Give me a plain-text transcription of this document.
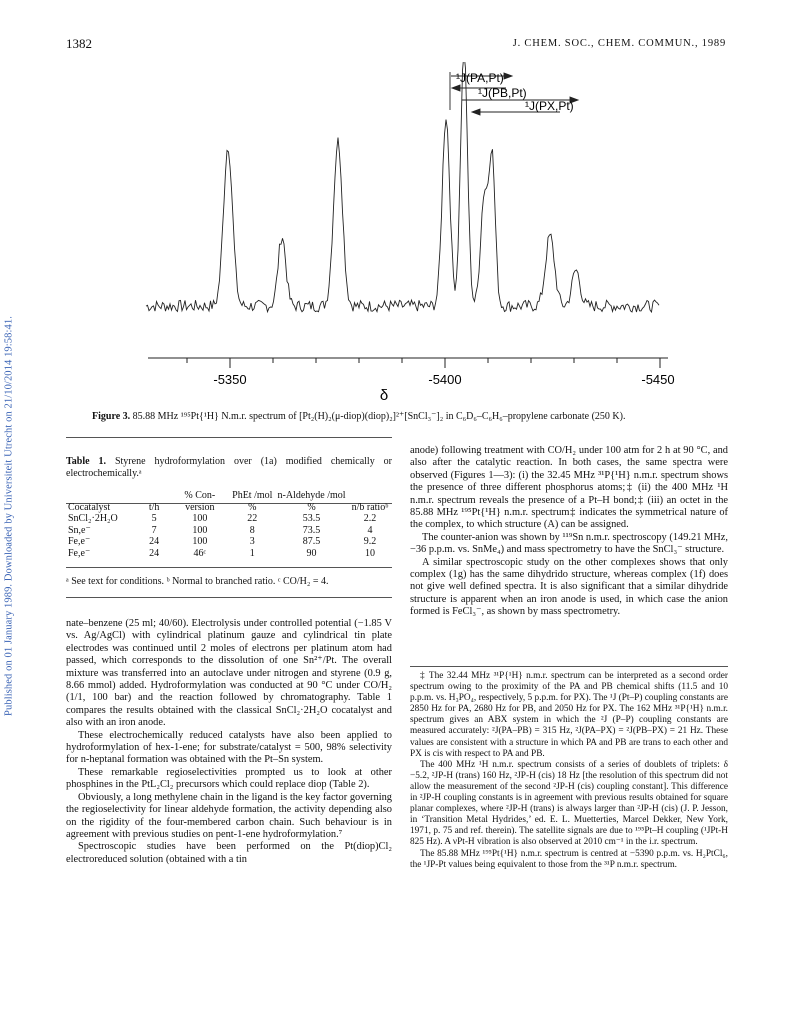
Published on 01 January 1989. Downloaded by Universiteit Utrecht on 21/10/2014 19:58:41.
1382	J. CHEM. SOC., CHEM. COMMUN., 1989
¹J(PA,Pt)
¹J(PB,Pt)
¹J(PX,Pt)
-5350	-5400	-5450
δ
Figure 3. 85.88 MHz ¹⁹⁵Pt{¹H} N.m.r. spectrum of [Pt₂(H)₂(μ-diop)(diop)₂]²⁺[SnCl₃⁻]₂ in C₆D₆–C₆H₆–propylene carbonate (250 K).
Table 1. Styrene hydroformylation over (1a) modified chemically or electrochemically.ᵃ
Cocatalyst	t/h	% Con- version	PhEt /mol %	n-Aldehyde /mol %	n/b ratioᵇ
SnCl₂·2H₂O	5	100	22	53.5	2.2
Sn,e⁻	7	100	8	73.5	4
Fe,e⁻	24	100	3	87.5	9.2
Fe,e⁻	24	46ᶜ	1	90	10
ᵃ See text for conditions. ᵇ Normal to branched ratio. ᶜ CO/H₂ = 4.

nate–benzene (25 ml; 40/60). Electrolysis under controlled potential (−1.85 V vs. Ag/AgCl) with cylindrical platinum gauze and cylindrical tin plate electrodes was continued until 2 moles of electrons per platinum atom had passed, which corresponds to the dissolution of one Sn²⁺/Pt. The overall mixture was transferred into an autoclave under nitrogen and styrene (0.9 g, 8.66 mmol) added. Hydroformylation was conducted at 90 °C under CO/H₂ (1/1, 100 bar) and the reaction followed by chromatography. Table 1 compares the results obtained with the classical SnCl₂·2H₂O cocatalyst and also with an iron anode.

These electrochemically reduced catalysts have also been applied to hydroformylation of hex-1-ene; for substrate/catalyst = 500, 98% selectivity for n-heptanal formation was obtained with the Pt–Sn system.

These remarkable regioselectivities prompted us to look at other phosphines in the PtL₂Cl₂ precursors which could replace diop (Table 2).

Obviously, a long methylene chain in the ligand is the key factor governing the regioselectivity for linear aldehyde formation, the activity depending also on the rigidity of the four-membered carbon chain. Such behaviour is in agreement with previous studies on pent-1-ene hydroformylation.⁷

Spectroscopic studies have been performed on the Pt(diop)Cl₂ electroreduced solution (obtained with a tin

anode) following treatment with CO/H₂ under 100 atm for 2 h at 90 °C, and also after the catalytic reaction. In both cases, the same spectra were observed (Figures 1—3): (i) the 32.45 MHz ³¹P{¹H} n.m.r. spectrum shows the presence of three different phosphorus atoms;‡ (ii) the 400 MHz ¹H n.m.r. spectrum reveals the presence of a Pt–H bond;‡ (iii) an octet in the 85.88 MHz ¹⁹⁵Pt{¹H} n.m.r. spectrum‡ indicates the symmetrical nature of the complex, to which structure (A) can be assigned.

The counter-anion was shown by ¹¹⁹Sn n.m.r. spectroscopy (149.21 MHz, −36 p.p.m. vs. SnMe₄) and mass spectrometry to have the SnCl₃⁻ structure.

A similar spectroscopic study on the other complexes shows that only complex (1g) has the same dihydrido structure, whereas complex (1f) does not give well defined spectra. It is also significant that a similar dihydride structure is apparent when an iron anode is used, in which case the anion formed is FeCl₃⁻, as shown by mass spectrometry.

‡ The 32.44 MHz ³¹P{¹H} n.m.r. spectrum can be interpreted as a second order spectrum owing to the proximity of the PA and PB chemical shifts (11.5 and 10 p.p.m. vs. H₃PO₄, respectively, 5 p.p.m. for PX). The ¹J (Pt–P) coupling constants are 2850 Hz for PA, 2680 Hz for PB, and 2050 Hz for PX. The 162 MHz ³¹P{¹H} n.m.r. spectrum gives an ABX system in which the ²J (P–P) coupling constants are measured accurately: ²J(PA–PB) = 315 Hz, ²J(PA–PX) = ²J(PB–PX) = 21 Hz. These values are consistent with a structure in which PA and PB are trans to each other and PX is cis with respect to PA and PB.

The 400 MHz ¹H n.m.r. spectrum consists of a series of doublets of triplets: δ −5.2, ²JP-H (trans) 160 Hz, ²JP-H (cis) 18 Hz [the resolution of this spectrum did not allow the measurement of the second ²JP-H (cis) coupling constant]. This difference in ²JP-H coupling constants is in agreement with previous results obtained for square planar complexes, where ²JP-H (trans) is always larger than ²JP-H (cis) (J. P. Jesson, in ‘Transition Metal Hydrides,’ ed. E. L. Muetterties, Marcel Dekker, New York, 1971, p. 75 and ref. therein). The satellite signals are due to ¹⁹⁵Pt–H coupling (¹JPt-H 825 Hz). A νPt-H vibration is also observed at 2010 cm⁻¹ in the i.r. spectrum.

The 85.88 MHz ¹⁹⁵Pt{¹H} n.m.r. spectrum is centred at −5390 p.p.m. vs. H₂PtCl₆, the ¹JP-Pt values being equivalent to those from the ³¹P n.m.r. spectrum.
